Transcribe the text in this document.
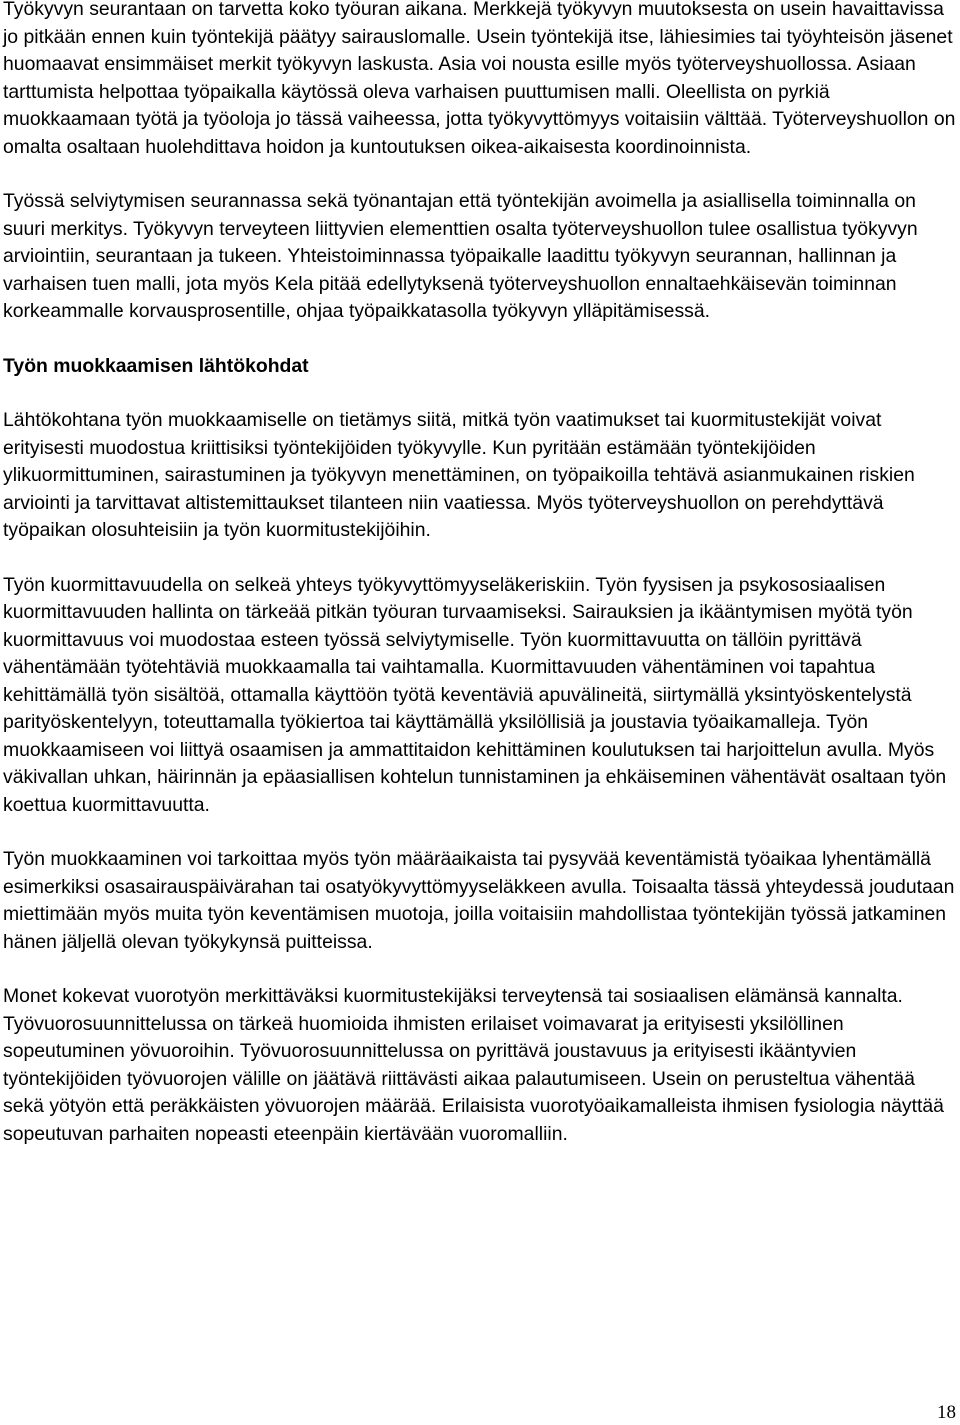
Työkyvyn seurantaan on tarvetta koko työuran aikana. Merkkejä työkyvyn muutoksesta on usein havaittavissa jo pitkään ennen kuin työntekijä päätyy sairauslomalle. Usein työntekijä itse, lähiesimies tai työyhteisön jäsenet huomaavat ensimmäiset merkit työkyvyn laskusta. Asia voi nousta esille myös työterveyshuollossa. Asiaan tarttumista helpottaa työpaikalla käytössä oleva varhaisen puuttumisen malli. Oleellista on pyrkiä muokkaamaan työtä ja työoloja jo tässä vaiheessa, jotta työkyvyttömyys voitaisiin välttää. Työterveyshuollon on omalta osaltaan huolehdittava hoidon ja kuntoutuksen oikea-aikaisesta koordinoinnista.

Työssä selviytymisen seurannassa sekä työnantajan että työntekijän avoimella ja asiallisella toiminnalla on suuri merkitys. Työkyvyn terveyteen liittyvien elementtien osalta työterveyshuollon tulee osallistua työkyvyn arviointiin, seurantaan ja tukeen. Yhteistoiminnassa työpaikalle laadittu työkyvyn seurannan, hallinnan ja varhaisen tuen malli, jota myös Kela pitää edellytyksenä työterveyshuollon ennaltaehkäisevän toiminnan korkeammalle korvausprosentille, ohjaa työpaikkatasolla työkyvyn ylläpitämisessä.

Työn muokkaamisen lähtökohdat

Lähtökohtana työn muokkaamiselle on tietämys siitä, mitkä työn vaatimukset tai kuormitustekijät voivat erityisesti muodostua kriittisiksi työntekijöiden työkyvylle. Kun pyritään estämään työntekijöiden ylikuormittuminen, sairastuminen ja työkyvyn menettäminen, on työpaikoilla tehtävä asianmukainen riskien arviointi ja tarvittavat altistemittaukset tilanteen niin vaatiessa. Myös työterveyshuollon on perehdyttävä työpaikan olosuhteisiin ja työn kuormitustekijöihin.

Työn kuormittavuudella on selkeä yhteys työkyvyttömyyseläkeriskiin. Työn fyysisen ja psykososiaalisen kuormittavuuden hallinta on tärkeää pitkän työuran turvaamiseksi. Sairauksien ja ikääntymisen myötä työn kuormittavuus voi muodostaa esteen työssä selviytymiselle. Työn kuormittavuutta on tällöin pyrittävä vähentämään työtehtäviä muokkaamalla tai vaihtamalla. Kuormittavuuden vähentäminen voi tapahtua kehittämällä työn sisältöä, ottamalla käyttöön työtä keventäviä apuvälineitä, siirtymällä yksintyöskentelystä parityöskentelyyn, toteuttamalla työkiertoa tai käyttämällä yksilöllisiä ja joustavia työaikamalleja. Työn muokkaamiseen voi liittyä osaamisen ja ammattitaidon kehittäminen koulutuksen tai harjoittelun avulla. Myös väkivallan uhkan, häirinnän ja epäasiallisen kohtelun tunnistaminen ja ehkäiseminen vähentävät osaltaan työn koettua kuormittavuutta.

Työn muokkaaminen voi tarkoittaa myös työn määräaikaista tai pysyvää keventämistä työaikaa lyhentämällä esimerkiksi osasairauspäivärahan tai osatyökyvyttömyyseläkkeen avulla. Toisaalta tässä yhteydessä joudutaan miettimään myös muita työn keventämisen muotoja, joilla voitaisiin mahdollistaa työntekijän työssä jatkaminen hänen jäljellä olevan työkykynsä puitteissa.

Monet kokevat vuorotyön merkittäväksi kuormitustekijäksi terveytensä tai sosiaalisen elämänsä kannalta. Työvuorosuunnittelussa on tärkeä huomioida ihmisten erilaiset voimavarat ja erityisesti yksilöllinen sopeutuminen yövuoroihin. Työvuorosuunnittelussa on pyrittävä joustavuus ja erityisesti ikääntyvien työntekijöiden työvuorojen välille on jäätävä riittävästi aikaa palautumiseen. Usein on perusteltua vähentää sekä yötyön että peräkkäisten yövuorojen määrää. Erilaisista vuorotyöaikamalleista ihmisen fysiologia näyttää sopeutuvan parhaiten nopeasti eteenpäin kiertävään vuoromalliin.

18
